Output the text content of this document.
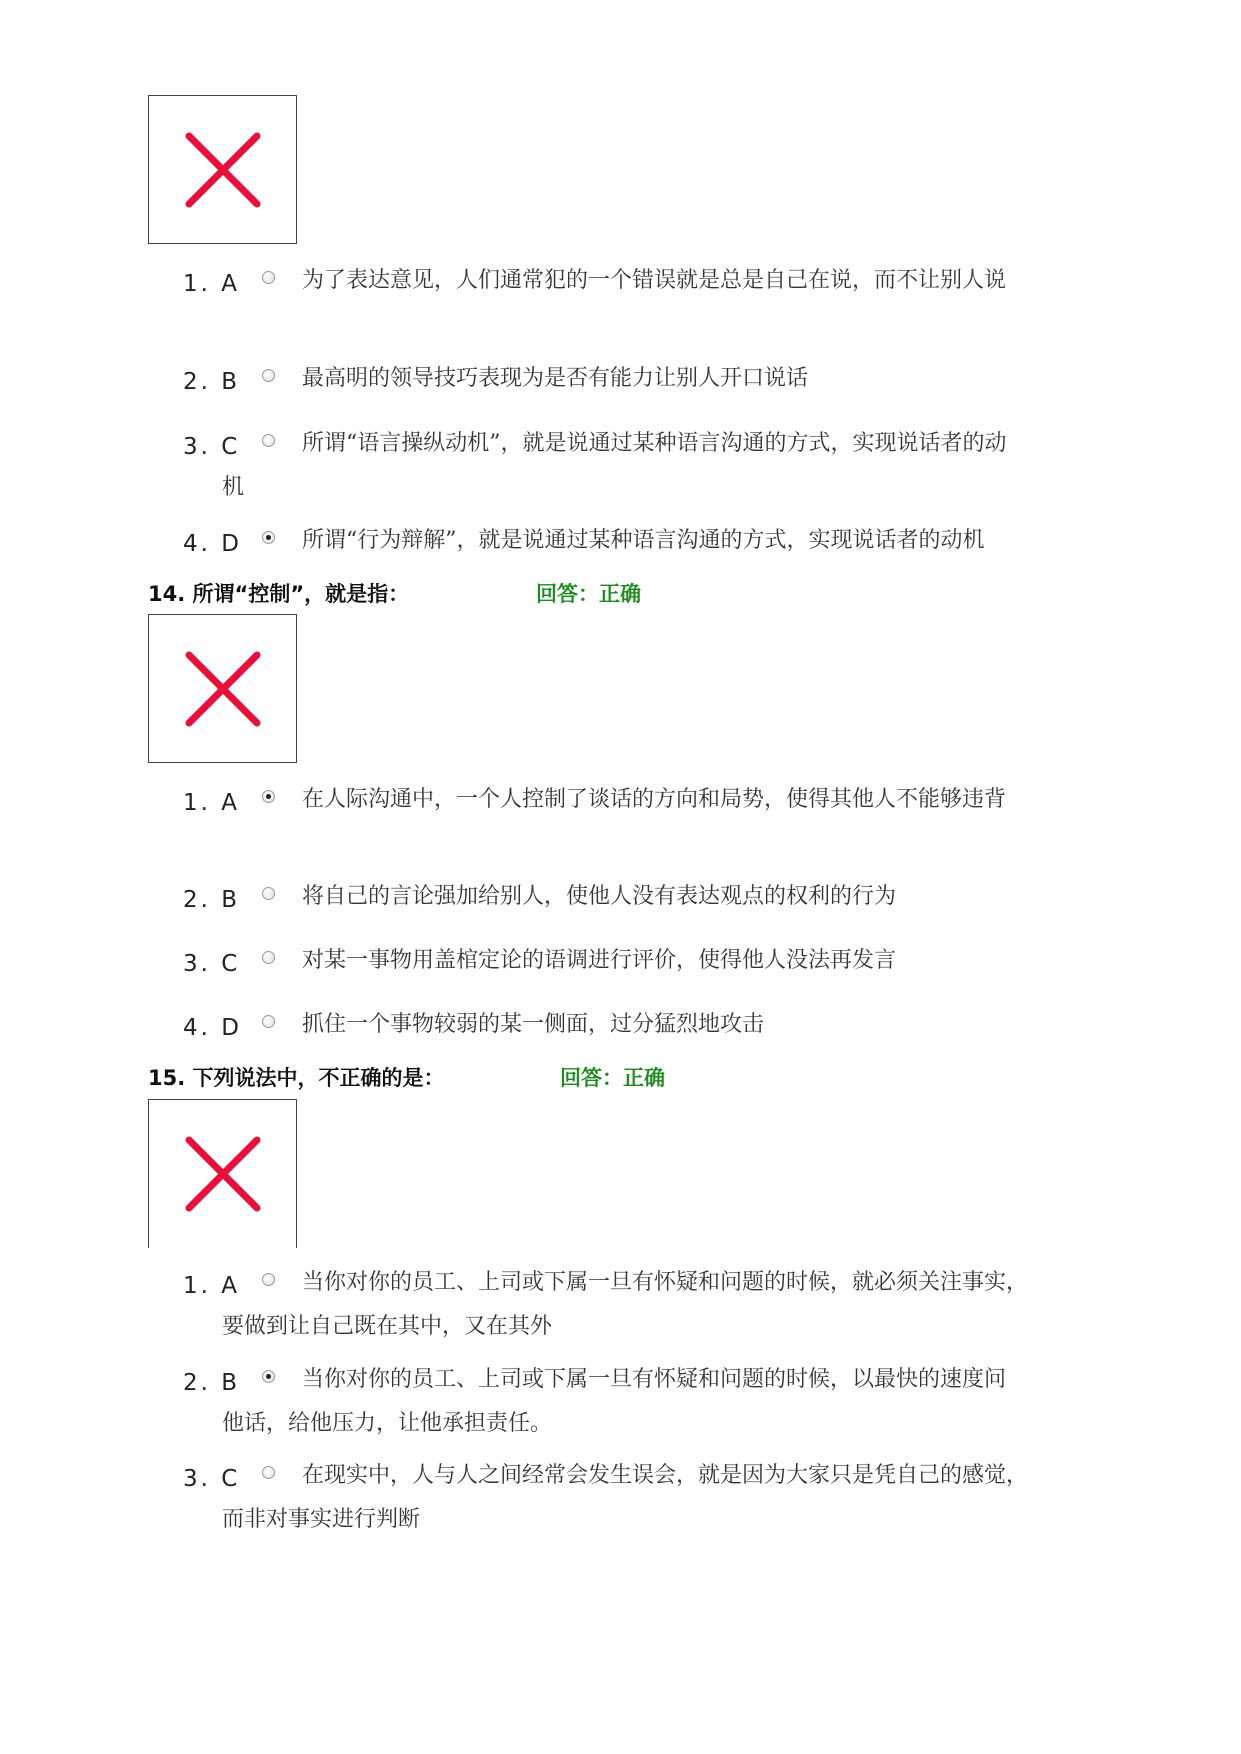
1. A	为了表达意见，人们通常犯的一个错误就是总是自己在说，而不让别人说
2. B	最高明的领导技巧表现为是否有能力让别人开口说话
3. C	所谓“语言操纵动机”，就是说通过某种语言沟通的方式，实现说话者的动
机
4. D	所谓“行为辩解”，就是说通过某种语言沟通的方式，实现说话者的动机
14. 所谓“控制”，就是指：	回答：正确
1. A	在人际沟通中，一个人控制了谈话的方向和局势，使得其他人不能够违背
2. B	将自己的言论强加给别人，使他人没有表达观点的权利的行为
3. C	对某一事物用盖棺定论的语调进行评价，使得他人没法再发言
4. D	抓住一个事物较弱的某一侧面，过分猛烈地攻击
15. 下列说法中，不正确的是：	回答：正确
1. A	当你对你的员工、上司或下属一旦有怀疑和问题的时候，就必须关注事实，
要做到让自己既在其中，又在其外
2. B	当你对你的员工、上司或下属一旦有怀疑和问题的时候，以最快的速度问
他话，给他压力，让他承担责任。
3. C	在现实中，人与人之间经常会发生误会，就是因为大家只是凭自己的感觉，
而非对事实进行判断
